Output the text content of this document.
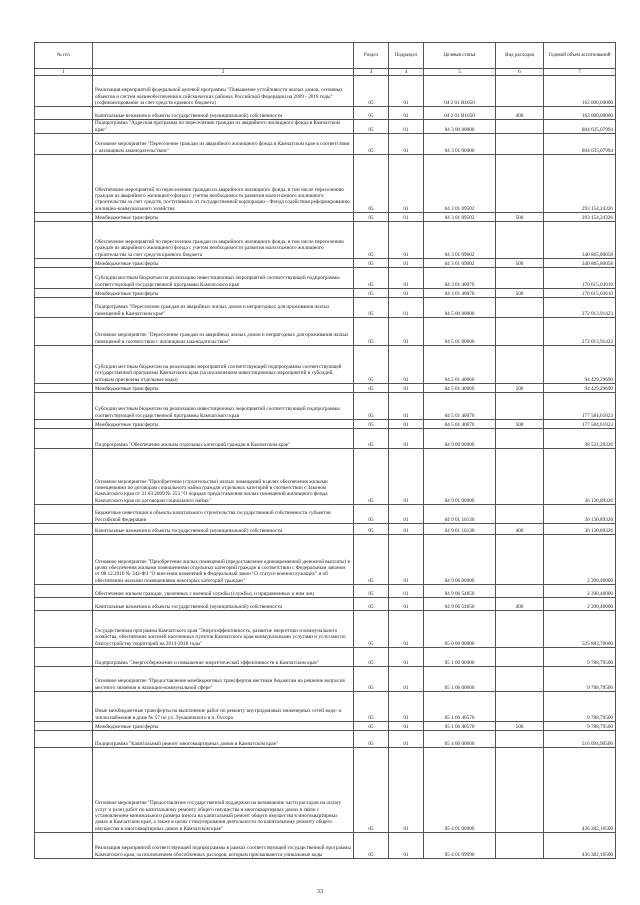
№ п/п		Раздел	Подраздел	Целевая статья	Вид расходов	Годовой объем ассигнований
1	2	3	4	5	6	7
	Реализация мероприятий федеральной целевой программы "Повышение устойчивости жилых домов, основных объектов и систем жизнеобеспечения в сейсмических районах Российской Федерации на 2009 - 2018 годы" (софинансирование за счет средств краевого бюджета)	05	01	04 2 01 R1050		162 000,00000
	Капитальные вложения в объекты государственной (муниципальной) собственности	05	01	04 2 01 R1050	400	162 000,00000
	Подпрограмма "Адресная программа по переселению граждан из аварийного жилищного фонда в Камчатском крае"	05	01	04 3 00 00000		804 635,07994
	Основное мероприятие "Переселение граждан из аварийного жилищного фонда в Камчатском крае в соответствии с жилищным законодательством"	05	01	04 3 01 00000		804 635,07994
	Обеспечение мероприятий по переселению граждан из аварийного жилищного фонда, в том числе переселению граждан из аварийного жилищного фонда с учетом необходимости развития малоэтажного жилищного строительства за счет средств, поступивших от государственной корпорации - Фонда содействия реформированию жилищно-коммунального хозяйства	05	01	04 3 01 09502		293 154,24326
	Межбюджетные трансферты	05	01	04 3 01 09502	500	293 154,24326
	Обеспечение мероприятий по переселению граждан из аварийного жилищного фонда, в том числе переселению граждан из аварийного жилищного фонда с учетом необходимости развития малоэтажного жилищного строительства за счет средств краевого бюджета	05	01	04 3 01 09602		340 865,80058
	Межбюджетные трансферты	05	01	04 3 01 09602	500	340 865,80058
	Субсидии местным бюджетам на реализацию инвестиционных мероприятий соответствующей подпрограммы соответствующей государственной программы Камчатского края	05	01	04 3 01 40070		170 615,03610
	Межбюджетные трансферты	05	01	04 3 01 40070	500	170 615,03610
	Подпрограмма "Переселение граждан из аварийных жилых домов и непригодных для проживания жилых помещений в Камчатском крае"	05	01	04 5 00 00000		272 013,91423
	Основное мероприятие "Переселение граждан из аварийных жилых домов и непригодных для проживания жилых помещений в соответствии с жилищным законодательством"	05	01	04 5 01 00000		272 013,91423
	Субсидии местным бюджетам на реализацию мероприятий соответствующей подпрограммы соответствующей государственной программы Камчатского края (за исключением инвестиционных мероприятий и субсидий, которым присвоены отдельные коды)	05	01	04 5 01 40060		94 429,29690
	Межбюджетные трансферты	05	01	04 5 01 40060	500	94 429,29690
	Субсидии местным бюджетам на реализацию инвестиционных мероприятий соответствующей подпрограммы соответствующей государственной программы Камчатского края	05	01	04 5 01 40070		177 584,61823
	Межбюджетные трансферты	05	01	04 5 01 40070	500	177 584,61823
	Подпрограмма "Обеспечение жильем отдельных категорий граждан в Камчатском крае"	05	01	04 9 00 00000		38 521,29326
	Основное мероприятие "Приобретение (строительство) жилых помещений в целях обеспечения жилыми помещениями по договорам социального найма граждан отдельных категорий в соответствии с Законом Камчатского края от 31.03.2009 № 253 "О порядке предоставления жилых помещений жилищного фонда Камчатского края по договорам социального найма"	05	01	04 9 01 00000		36 130,89326
	Бюджетные инвестиции в объекты капитального строительства государственной собственности субъектов Российской Федерации	05	01	04 9 01 10130		36 130,89326
	Капитальные вложения в объекты государственной (муниципальной) собственности	05	01	04 9 01 10130	400	36 130,89326
	Основное мероприятие "Приобретение жилых помещений (предоставление единовременной денежной выплаты) в целях обеспечения жилыми помещениями отдельных категорий граждан в соответствии с Федеральным законом от 08.12.2010 № 342-ФЗ "О внесении изменений в Федеральный закон "О статусе военнослужащих" и об обеспечении жилыми помещениями некоторых категорий граждан"	05	01	04 9 06 00000		2 390,40000
	Обеспечение жильем граждан, уволенных с военной службы (службы), и приравненных к ним лиц	05	01	04 9 06 54850		2 390,40000
	Капитальные вложения в объекты государственной (муниципальной) собственности	05	01	04 9 06 54850	400	2 390,40000
	Государственная программа Камчатского края "Энергоэффективность, развитие энергетики и коммунального хозяйства, обеспечение жителей населенных пунктов Камчатского края коммунальными услугами и услугами по благоустройству территорий на 2014-2018 годы"	05	01	05 0 00 00000		525 883,70000
	Подпрограмма "Энергосбережение и повышение энергетической эффективности в Камчатском крае"	05	01	05 1 00 00000		9 788,79500
	Основное мероприятие "Предоставление межбюджетных трансфертов местным бюджетам на решение вопросов местного значения в жилищно-коммунальной сфере"	05	01	05 1 06 00000		9 788,79500
	Иные межбюджетные трансферты на выполнение работ по ремонту внутридомовых инженерных сетей водо- и теплоснабжения в доме № 57 по ул. Лукашевского в п. Оссора	05	01	05 1 06 40570		9 788,79500
	Межбюджетные трансферты	05	01	05 1 06 40570	500	9 788,79500
	Подпрограмма "Капитальный ремонт многоквартирных домов в Камчатском крае"	05	01	05 4 00 00000		516 094,90500
	Основное мероприятие "Предоставление государственной поддержки на возмещение части расходов на оплату услуг и (или) работ по капитальному ремонту общего имущества в многоквартирных домах в связи с установлением минимального размера взноса на капитальный ремонт общего имущества в многоквартирных домах в Камчатском крае, а также в целях стимулирования деятельности по капитальному ремонту общего имущества в многоквартирных домах в Камчатском крае"	05	01	05 4 01 00000		436 382,10500
	Реализация мероприятий соответствующей подпрограммы в рамках соответствующей государственной программы Камчатского края, за исключением обособленных расходов, которым присваиваются уникальные коды	05	01	05 4 01 09990		436 382,10500
33
